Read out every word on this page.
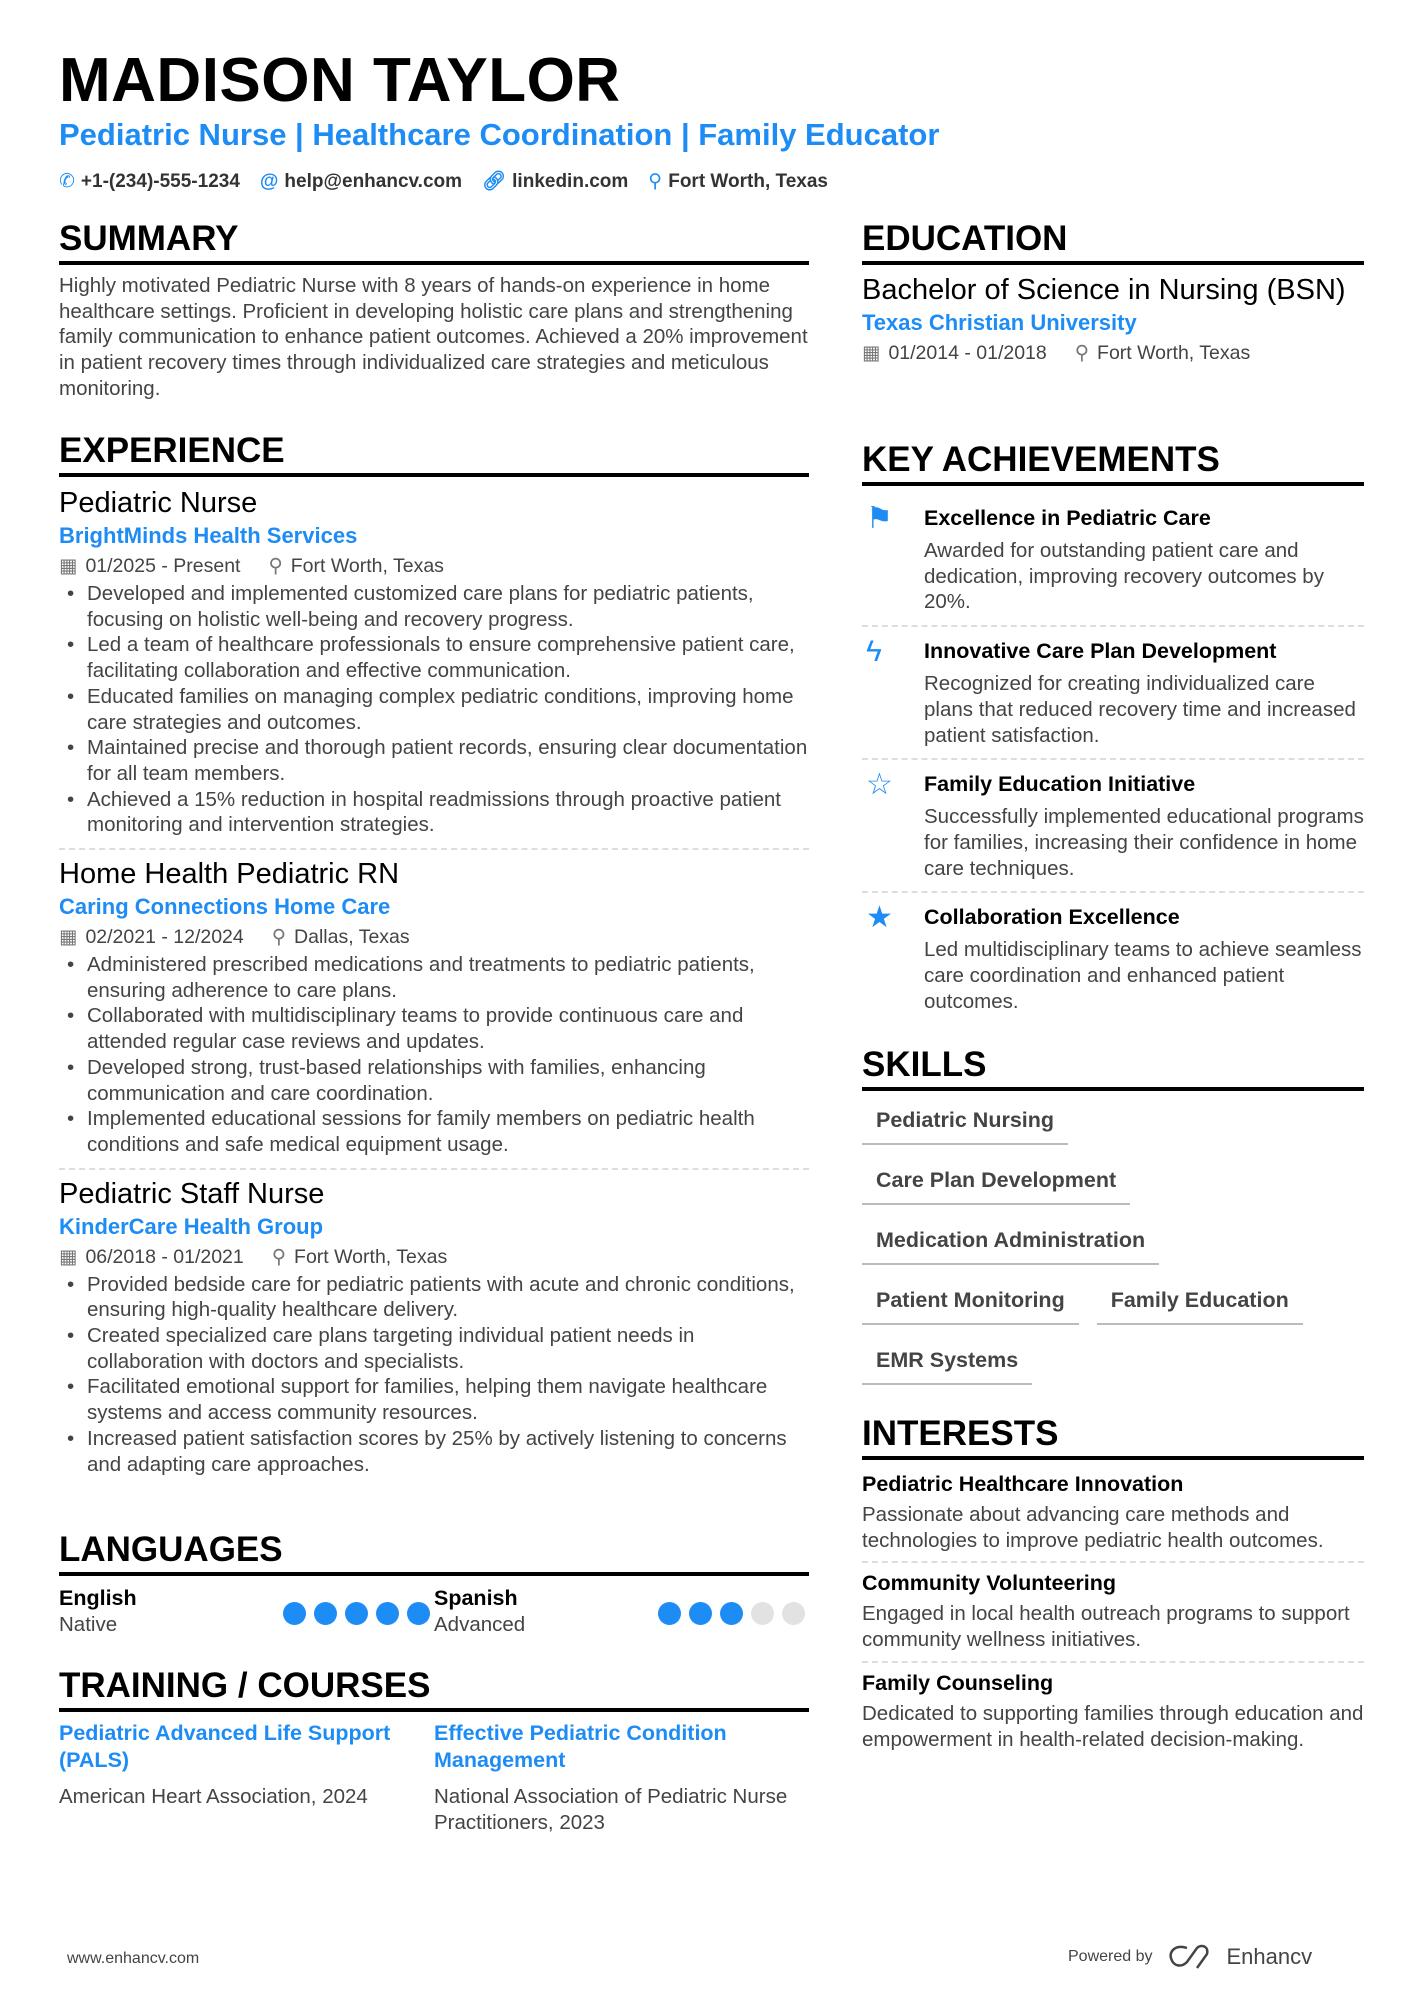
MADISON TAYLOR
Pediatric Nurse | Healthcare Coordination | Family Educator
✆ +1-(234)-555-1234 @ help@enhancv.com 🔗︎ linkedin.com ⚲ Fort Worth, Texas
SUMMARY

Highly motivated Pediatric Nurse with 8 years of hands-on experience in home healthcare settings. Proficient in developing holistic care plans and strengthening family communication to enhance patient outcomes. Achieved a 20% improvement in patient recovery times through individualized care strategies and meticulous monitoring.

EXPERIENCE
Pediatric Nurse
BrightMinds Health Services
▦ 01/2025 - Present ⚲ Fort Worth, Texas
• Developed and implemented customized care plans for pediatric patients, focusing on holistic well-being and recovery progress.
• Led a team of healthcare professionals to ensure comprehensive patient care, facilitating collaboration and effective communication.
• Educated families on managing complex pediatric conditions, improving home care strategies and outcomes.
• Maintained precise and thorough patient records, ensuring clear documentation for all team members.
• Achieved a 15% reduction in hospital readmissions through proactive patient monitoring and intervention strategies.
Home Health Pediatric RN
Caring Connections Home Care
▦ 02/2021 - 12/2024 ⚲ Dallas, Texas
• Administered prescribed medications and treatments to pediatric patients, ensuring adherence to care plans.
• Collaborated with multidisciplinary teams to provide continuous care and attended regular case reviews and updates.
• Developed strong, trust-based relationships with families, enhancing communication and care coordination.
• Implemented educational sessions for family members on pediatric health conditions and safe medical equipment usage.
Pediatric Staff Nurse
KinderCare Health Group
▦ 06/2018 - 01/2021 ⚲ Fort Worth, Texas
• Provided bedside care for pediatric patients with acute and chronic conditions, ensuring high-quality healthcare delivery.
• Created specialized care plans targeting individual patient needs in collaboration with doctors and specialists.
• Facilitated emotional support for families, helping them navigate healthcare systems and access community resources.
• Increased patient satisfaction scores by 25% by actively listening to concerns and adapting care approaches.
LANGUAGES
English
Native
Spanish
Advanced
TRAINING / COURSES
Pediatric Advanced Life Support (PALS)
American Heart Association, 2024
Effective Pediatric Condition Management
National Association of Pediatric Nurse Practitioners, 2023
EDUCATION
Bachelor of Science in Nursing (BSN)
Texas Christian University
▦ 01/2014 - 01/2018 ⚲ Fort Worth, Texas
KEY ACHIEVEMENTS
⚑	Excellence in Pediatric Care
Awarded for outstanding patient care and dedication, improving recovery outcomes by 20%.
ϟ	Innovative Care Plan Development
Recognized for creating individualized care plans that reduced recovery time and increased patient satisfaction.
☆	Family Education Initiative
Successfully implemented educational programs for families, increasing their confidence in home care techniques.
★	Collaboration Excellence
Led multidisciplinary teams to achieve seamless care coordination and enhanced patient outcomes.
SKILLS
Pediatric Nursing
Care Plan Development
Medication Administration
Patient Monitoring	Family Education
EMR Systems
INTERESTS
Pediatric Healthcare Innovation
Passionate about advancing care methods and technologies to improve pediatric health outcomes.
Community Volunteering
Engaged in local health outreach programs to support community wellness initiatives.
Family Counseling
Dedicated to supporting families through education and empowerment in health-related decision-making.
www.enhancv.com	Powered by	Enhancv
